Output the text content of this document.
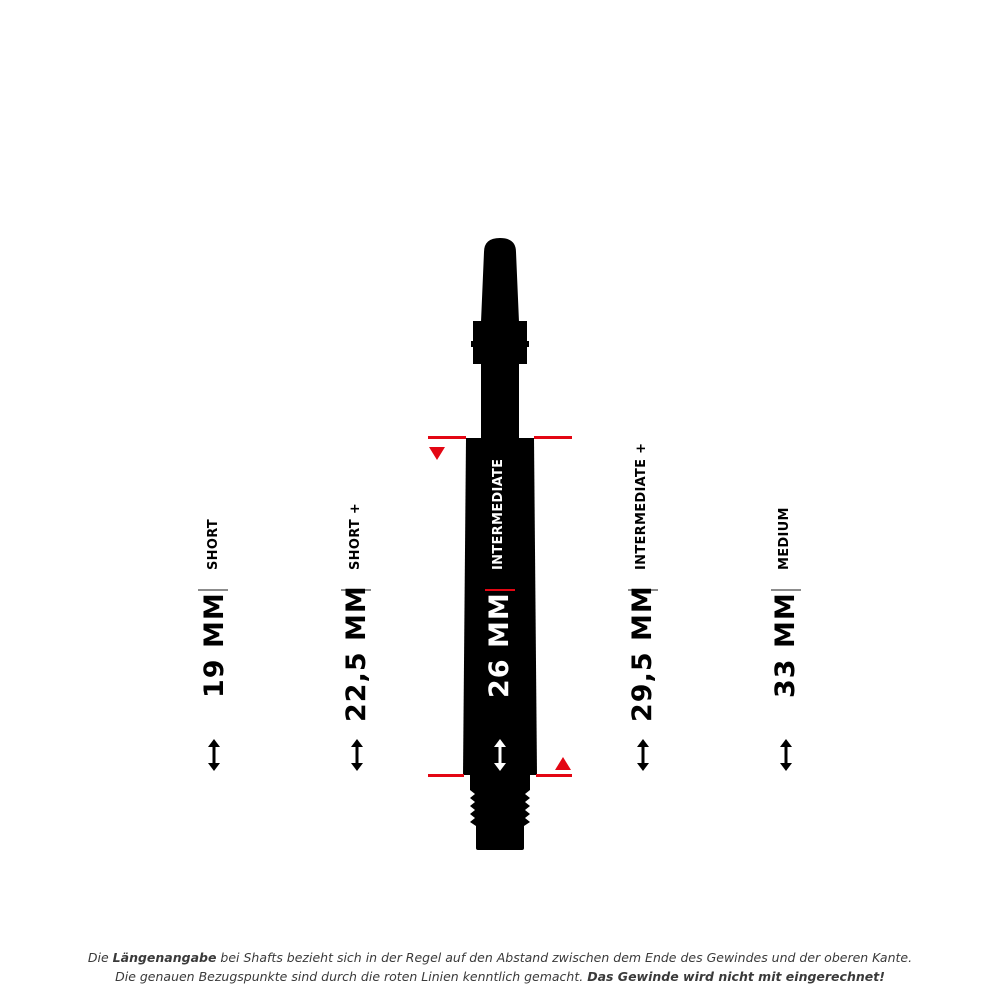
SHORT
19 MM
SHORT +
22,5 MM
INTERMEDIATE
26 MM
INTERMEDIATE +
29,5 MM
MEDIUM
33 MM
Die Längenangabe bei Shafts bezieht sich in der Regel auf den Abstand zwischen dem Ende des Gewindes und der oberen Kante.
Die genauen Bezugspunkte sind durch die roten Linien kenntlich gemacht. Das Gewinde wird nicht mit eingerechnet!
